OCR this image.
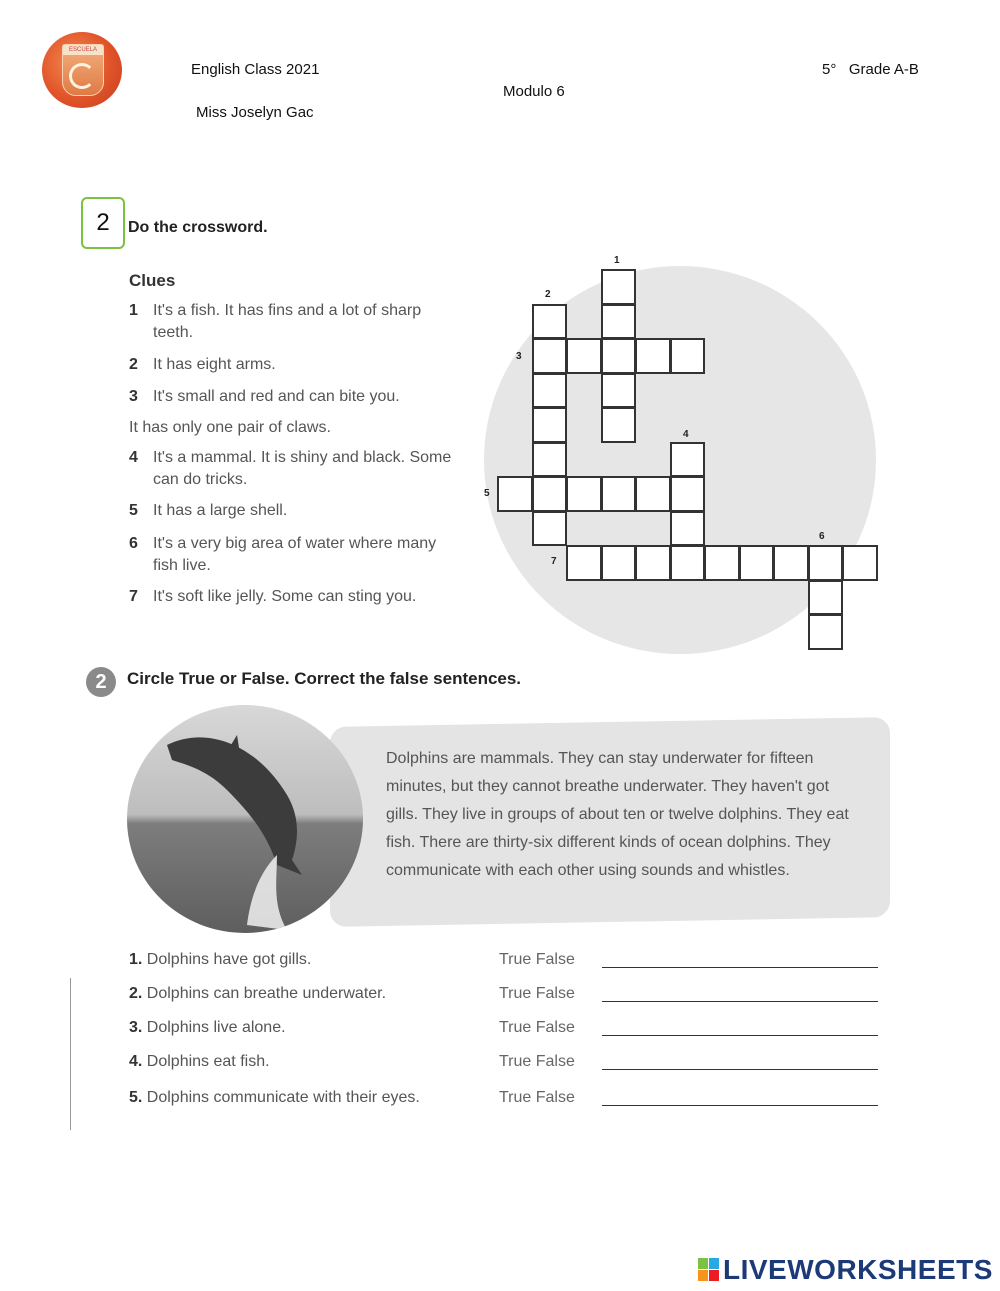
ESCUELA
English Class 2021
Miss Joselyn Gac
Modulo 6
5°   Grade A-B
2	Do the crossword.
Clues
1 It's a fish. It has fins and a lot of sharp
teeth.
2 It has eight arms.
3 It's small and red and can bite you.
It has only one pair of claws.
4 It's a mammal. It is shiny and black. Some
can do tricks.
5 It has a large shell.
6 It's a very big area of water where many
fish live.
7 It's soft like jelly. Some can sting you.
1
2
3
4
5
6
7
2	Circle True or False. Correct the false sentences.
Dolphins are mammals. They can stay underwater for fifteen minutes, but they cannot breathe underwater. They haven't got gills. They live in groups of about ten or twelve dolphins. They eat fish. There are thirty-six different kinds of ocean dolphins. They communicate with each other using sounds and whistles.
1. Dolphins have got gills.	True False
2. Dolphins can breathe underwater.	True False
3. Dolphins live alone.	True False
4. Dolphins eat fish.	True False
5. Dolphins communicate with their eyes.	True False
LIVEWORKSHEETS
